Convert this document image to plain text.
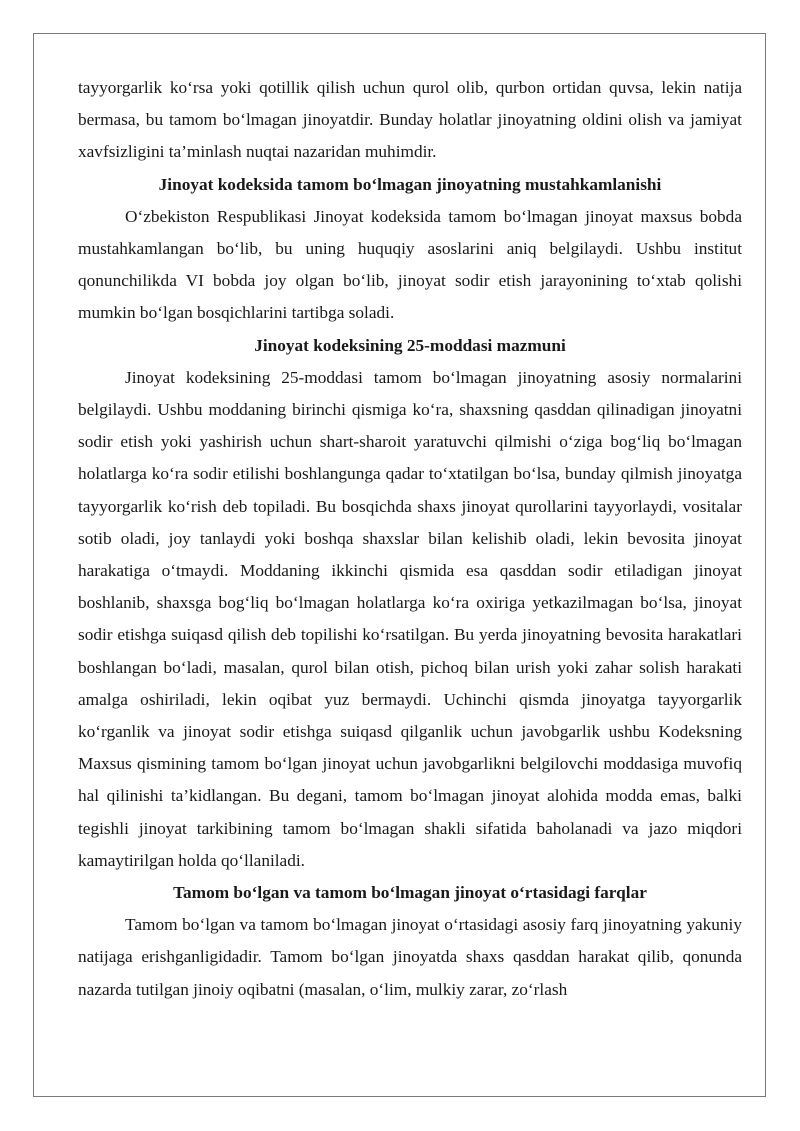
tayyorgarlik ko‘rsa yoki qotillik qilish uchun qurol olib, qurbon ortidan quvsa, lekin natija bermasa, bu tamom bo‘lmagan jinoyatdir. Bunday holatlar jinoyatning oldini olish va jamiyat xavfsizligini ta’minlash nuqtai nazaridan muhimdir.

Jinoyat kodeksida tamom bo‘lmagan jinoyatning mustahkamlanishi

O‘zbekiston Respublikasi Jinoyat kodeksida tamom bo‘lmagan jinoyat maxsus bobda mustahkamlangan bo‘lib, bu uning huquqiy asoslarini aniq belgilaydi. Ushbu institut qonunchilikda VI bobda joy olgan bo‘lib, jinoyat sodir etish jarayonining to‘xtab qolishi mumkin bo‘lgan bosqichlarini tartibga soladi.

Jinoyat kodeksining 25-moddasi mazmuni

Jinoyat kodeksining 25-moddasi tamom bo‘lmagan jinoyatning asosiy normalarini belgilaydi. Ushbu moddaning birinchi qismiga ko‘ra, shaxsning qasddan qilinadigan jinoyatni sodir etish yoki yashirish uchun shart-sharoit yaratuvchi qilmishi o‘ziga bog‘liq bo‘lmagan holatlarga ko‘ra sodir etilishi boshlangunga qadar to‘xtatilgan bo‘lsa, bunday qilmish jinoyatga tayyorgarlik ko‘rish deb topiladi. Bu bosqichda shaxs jinoyat qurollarini tayyorlaydi, vositalar sotib oladi, joy tanlaydi yoki boshqa shaxslar bilan kelishib oladi, lekin bevosita jinoyat harakatiga o‘tmaydi. Moddaning ikkinchi qismida esa qasddan sodir etiladigan jinoyat boshlanib, shaxsga bog‘liq bo‘lmagan holatlarga ko‘ra oxiriga yetkazilmagan bo‘lsa, jinoyat sodir etishga suiqasd qilish deb topilishi ko‘rsatilgan. Bu yerda jinoyatning bevosita harakatlari boshlangan bo‘ladi, masalan, qurol bilan otish, pichoq bilan urish yoki zahar solish harakati amalga oshiriladi, lekin oqibat yuz bermaydi. Uchinchi qismda jinoyatga tayyorgarlik ko‘rganlik va jinoyat sodir etishga suiqasd qilganlik uchun javobgarlik ushbu Kodeksning Maxsus qismining tamom bo‘lgan jinoyat uchun javobgarlikni belgilovchi moddasiga muvofiq hal qilinishi ta’kidlangan. Bu degani, tamom bo‘lmagan jinoyat alohida modda emas, balki tegishli jinoyat tarkibining tamom bo‘lmagan shakli sifatida baholanadi va jazo miqdori kamaytirilgan holda qo‘llaniladi.

Tamom bo‘lgan va tamom bo‘lmagan jinoyat o‘rtasidagi farqlar

Tamom bo‘lgan va tamom bo‘lmagan jinoyat o‘rtasidagi asosiy farq jinoyatning yakuniy natijaga erishganligidadir. Tamom bo‘lgan jinoyatda shaxs qasddan harakat qilib, qonunda nazarda tutilgan jinoiy oqibatni (masalan, o‘lim, mulkiy zarar, zo‘rlash
